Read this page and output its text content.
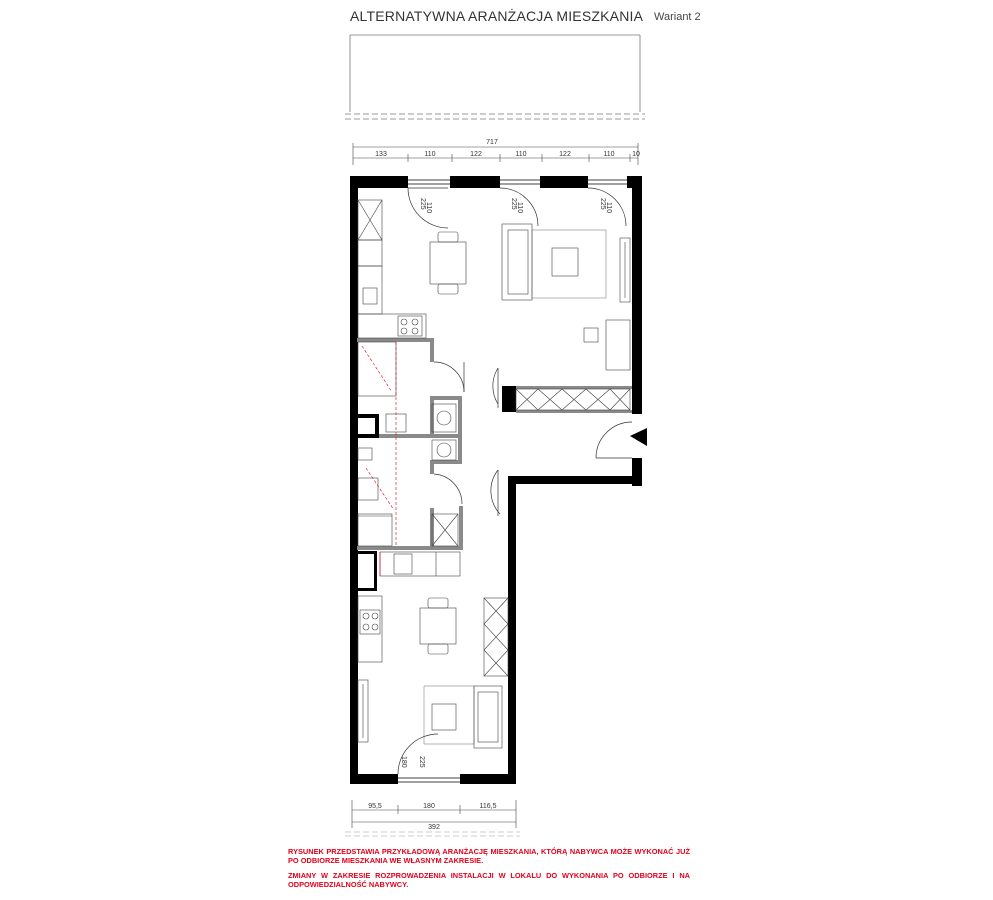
ALTERNATYWNA ARANŻACJA MIESZKANIA Wariant 2
717
133	110	122	110	122	110	10
110
225	110
225	110
225
180 225
95,5	180	116,5
392
RYSUNEK PRZEDSTAWIA PRZYKŁADOWĄ ARANŻACJĘ MIESZKANIA, KTÓRĄ NABYWCA MOŻE WYKONAĆ JUŻ PO ODBIORZE MIESZKANIA WE WŁASNYM ZAKRESIE.
ZMIANY W ZAKRESIE ROZPROWADZENIA INSTALACJI W LOKALU DO WYKONANIA PO ODBIORZE I NA ODPOWIEDZIALNOŚĆ NABYWCY.
